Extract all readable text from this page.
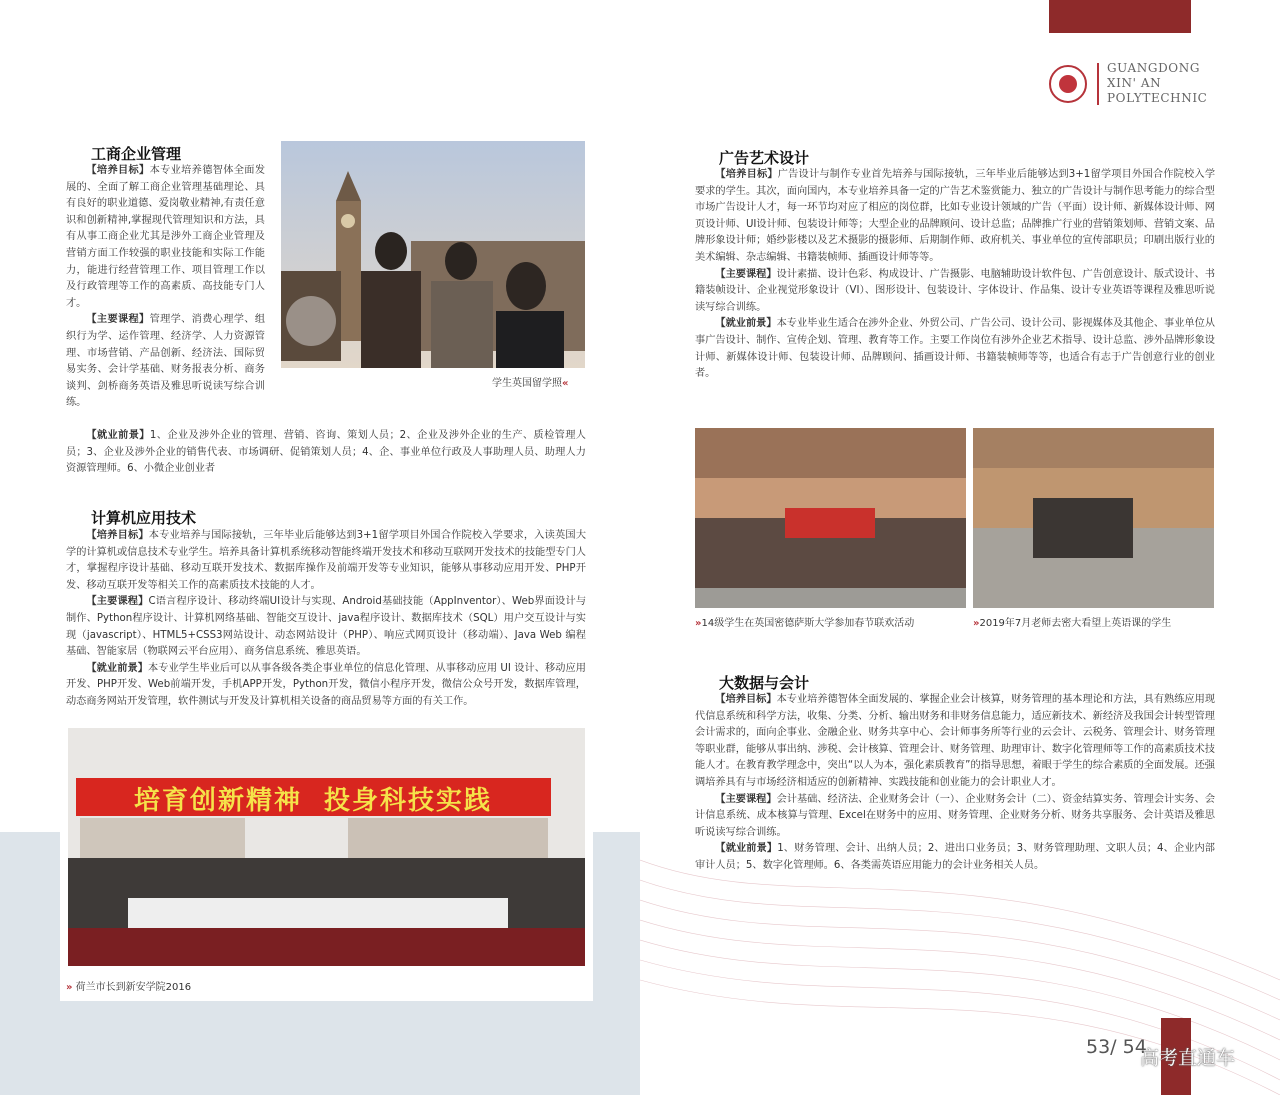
GUANGDONG
XIN' AN
POLYTECHNIC
工商企业管理

【培养目标】本专业培养德智体全面发展的、全面了解工商企业管理基础理论、具有良好的职业道德、爱岗敬业精神,有责任意识和创新精神,掌握现代管理知识和方法，具有从事工商企业尤其是涉外工商企业管理及营销方面工作较强的职业技能和实际工作能力，能进行经营管理工作、项目管理工作以及行政管理等工作的高素质、高技能专门人才。

【主要课程】管理学、消费心理学、组织行为学、运作管理、经济学、人力资源管理、市场营销、产品创新、经济法、国际贸易实务、会计学基础、财务报表分析、商务谈判、剑桥商务英语及雅思听说读写综合训练。

【就业前景】1、企业及涉外企业的管理、营销、咨询、策划人员；2、企业及涉外企业的生产、质检管理人员；3、企业及涉外企业的销售代表、市场调研、促销策划人员；4、企、事业单位行政及人事助理人员、助理人力资源管理师。6、小微企业创业者

学生英国留学照«
计算机应用技术

【培养目标】本专业培养与国际接轨，三年毕业后能够达到3+1留学项目外国合作院校入学要求，入读英国大学的计算机或信息技术专业学生。培养具备计算机系统移动智能终端开发技术和移动互联网开发技术的技能型专门人才，掌握程序设计基础、移动互联开发技术、数据库操作及前端开发等专业知识，能够从事移动应用开发、PHP开发、移动互联开发等相关工作的高素质技术技能的人才。

【主要课程】C语言程序设计、移动终端UI设计与实现、Android基础技能（AppInventor）、Web界面设计与制作、Python程序设计、计算机网络基础、智能交互设计、java程序设计、数据库技术（SQL）用户交互设计与实现（javascript）、HTML5+CSS3网站设计、动态网站设计（PHP）、响应式网页设计（移动端）、Java Web 编程基础、智能家居（物联网云平台应用）、商务信息系统、雅思英语。

【就业前景】本专业学生毕业后可以从事各级各类企事业单位的信息化管理、从事移动应用 UI 设计、移动应用开发、PHP开发、Web前端开发，手机APP开发，Python开发，微信小程序开发，微信公众号开发，数据库管理，动态商务网站开发管理，软件测试与开发及计算机相关设备的商品贸易等方面的有关工作。

培育创新精神  投身科技实践
» 荷兰市长到新安学院2016
广告艺术设计

【培养目标】广告设计与制作专业首先培养与国际接轨，三年毕业后能够达到3+1留学项目外国合作院校入学要求的学生。其次，面向国内，本专业培养具备一定的广告艺术鉴赏能力、独立的广告设计与制作思考能力的综合型市场广告设计人才，每一环节均对应了相应的岗位群，比如专业设计领域的广告（平面）设计师、新媒体设计师、网页设计师、UI设计师、包装设计师等；大型企业的品牌顾问、设计总监；品牌推广行业的营销策划师、营销文案、品牌形象设计师；婚纱影楼以及艺术摄影的摄影师、后期制作师、政府机关、事业单位的宣传部职员；印刷出版行业的美术编辑、杂志编辑、书籍装帧师、插画设计师等等。

【主要课程】设计素描、设计色彩、构成设计、广告摄影、电脑辅助设计软件包、广告创意设计、版式设计、书籍装帧设计、企业视觉形象设计（VI）、图形设计、包装设计、字体设计、作品集、设计专业英语等课程及雅思听说读写综合训练。

【就业前景】本专业毕业生适合在涉外企业、外贸公司、广告公司、设计公司、影视媒体及其他企、事业单位从事广告设计、制作、宣传企划、管理、教育等工作。主要工作岗位有涉外企业艺术指导、设计总监、涉外品牌形象设计师、新媒体设计师、包装设计师、品牌顾问、插画设计师、书籍装帧师等等，也适合有志于广告创意行业的创业者。

»14级学生在英国密德萨斯大学参加春节联欢活动	»2019年7月老师去密大看望上英语课的学生
大数据与会计

【培养目标】本专业培养德智体全面发展的、掌握企业会计核算，财务管理的基本理论和方法，具有熟练应用现代信息系统和科学方法，收集、分类、分析、输出财务和非财务信息能力，适应新技术、新经济及我国会计转型管理会计需求的，面向企事业、金融企业、财务共享中心、会计师事务所等行业的云会计、云税务、管理会计、财务管理等职业群，能够从事出纳、涉税、会计核算、管理会计、财务管理、助理审计、数字化管理师等工作的高素质技术技能人才。在教育教学理念中，突出“以人为本，强化素质教育”的指导思想，着眼于学生的综合素质的全面发展。还强调培养具有与市场经济相适应的创新精神、实践技能和创业能力的会计职业人才。

【主要课程】会计基础、经济法、企业财务会计（一）、企业财务会计（二）、资金结算实务、管理会计实务、会计信息系统、成本核算与管理、Excel在财务中的应用、财务管理、企业财务分析、财务共享服务、会计英语及雅思听说读写综合训练。

【就业前景】1、财务管理、会计、出纳人员；2、进出口业务员；3、财务管理助理、文职人员；4、企业内部审计人员；5、数字化管理师。6、各类需英语应用能力的会计业务相关人员。

53/ 54
高考直通车
